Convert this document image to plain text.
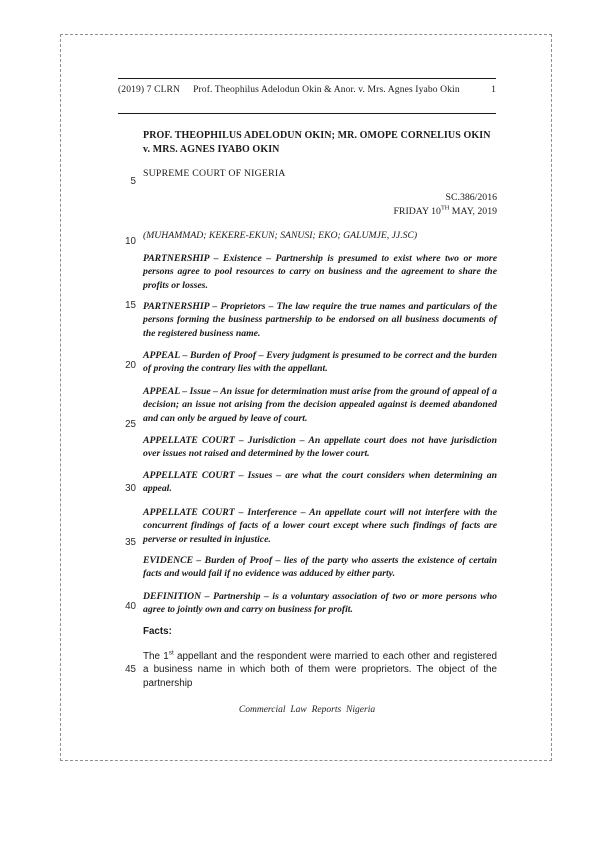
(2019) 7 CLRN Prof. Theophilus Adelodun Okin & Anor. v. Mrs. Agnes Iyabo Okin	1
5
10
15
20
25
30
35
40
45
PROF. THEOPHILUS ADELODUN OKIN; MR. OMOPE CORNELIUS OKIN
v. MRS. AGNES IYABO OKIN
SUPREME COURT OF NIGERIA
SC.386/2016
FRIDAY 10TH MAY, 2019
(MUHAMMAD; KEKERE-EKUN; SANUSI; EKO; GALUMJE, JJ.SC)

PARTNERSHIP – Existence – Partnership is presumed to exist where two or more persons agree to pool resources to carry on business and the agreement to share the profits or losses.

PARTNERSHIP – Proprietors – The law require the true names and particulars of the persons forming the business partnership to be endorsed on all business documents of the registered business name.

APPEAL – Burden of Proof – Every judgment is presumed to be correct and the burden of proving the contrary lies with the appellant.

APPEAL – Issue – An issue for determination must arise from the ground of appeal of a decision; an issue not arising from the decision appealed against is deemed abandoned and can only be argued by leave of court.

APPELLATE COURT – Jurisdiction – An appellate court does not have jurisdiction over issues not raised and determined by the lower court.

APPELLATE COURT – Issues – are what the court considers when determining an appeal.

APPELLATE COURT – Interference – An appellate court will not interfere with the concurrent findings of facts of a lower court except where such findings of facts are perverse or resulted in injustice.

EVIDENCE – Burden of Proof – lies of the party who asserts the existence of certain facts and would fail if no evidence was adduced by either party.

DEFINITION – Partnership – is a voluntary association of two or more persons who agree to jointly own and carry on business for profit.

Facts:
The 1st appellant and the respondent were married to each other and registered a business name in which both of them were proprietors. The object of the partnership
Commercial Law Reports Nigeria
